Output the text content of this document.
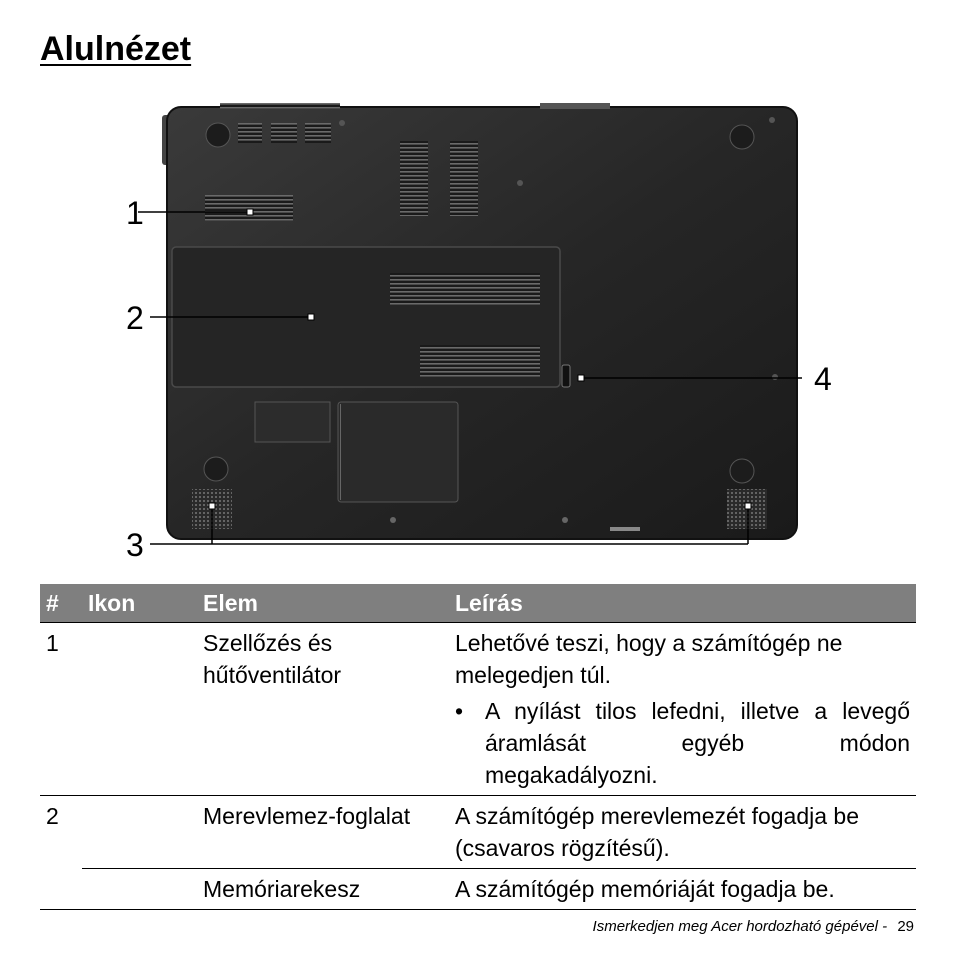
Alulnézet
1
2
3
4
#	Ikon	Elem	Leírás
1		Szellőzés és hűtőventilátor	Lehetővé teszi, hogy a számítógép ne melegedjen túl.
• A nyílást tilos lefedni, illetve a levegő áramlását egyéb módon megakadályozni.

2		Merevlemez-foglalat	A számítógép merevlemezét fogadja be (csavaros rögzítésű).
		Memóriarekesz	A számítógép memóriáját fogadja be.
Ismerkedjen meg Acer hordozható gépével - 29
